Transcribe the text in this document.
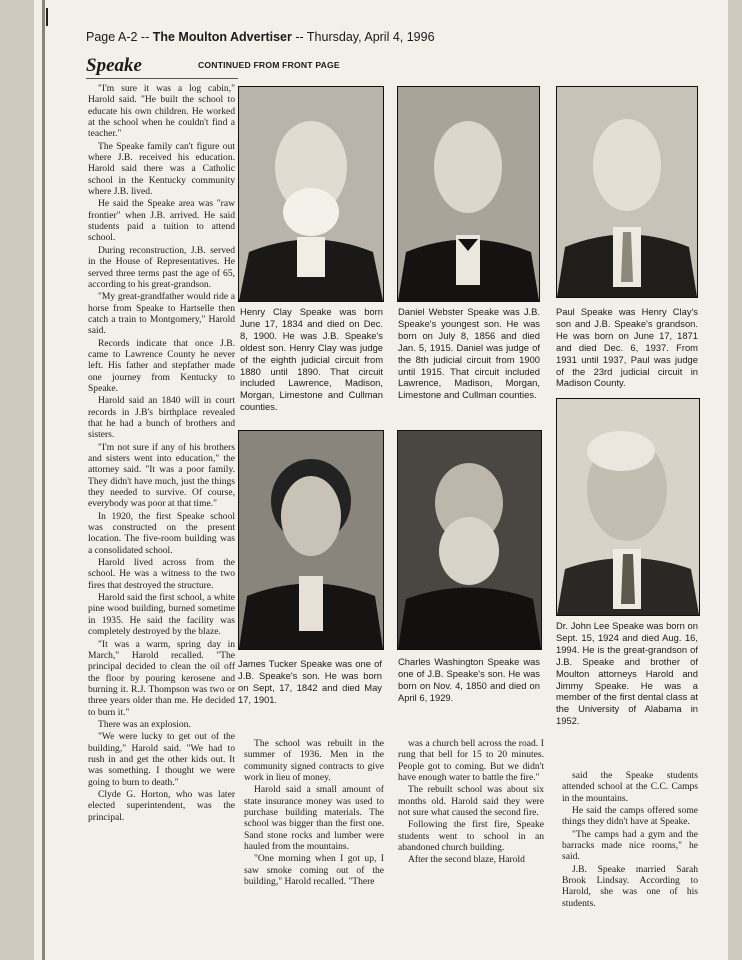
Page A-2 -- The Moulton Advertiser -- Thursday, April 4, 1996
Speake	CONTINUED FROM FRONT PAGE

"I'm sure it was a log cabin," Harold said. "He built the school to educate his own children. He worked at the school when he couldn't find a teacher."

The Speake family can't figure out where J.B. received his education. Harold said there was a Catholic school in the Kentucky community where J.B. lived.

He said the Speake area was "raw frontier" when J.B. arrived. He said students paid a tuition to attend school.

During reconstruction, J.B. served in the House of Representatives. He served three terms past the age of 65, according to his great-grandson.

"My great-grandfather would ride a horse from Speake to Hartselle then catch a train to Montgomery," Harold said.

Records indicate that once J.B. came to Lawrence County he never left. His father and stepfather made one journey from Kentucky to Speake.

Harold said an 1840 will in court records in J.B's birthplace revealed that he had a bunch of brothers and sisters.

"I'm not sure if any of his brothers and sisters went into education," the attorney said. "It was a poor family. They didn't have much, just the things they needed to survive. Of course, everybody was poor at that time."

In 1920, the first Speake school was constructed on the present location. The five-room building was a consolidated school.

Harold lived across from the school. He was a witness to the two fires that destroyed the structure.

Harold said the first school, a white pine wood building, burned sometime in 1935. He said the facility was completely destroyed by the blaze.

"It was a warm, spring day in March," Harold recalled. "The principal decided to clean the oil off the floor by pouring kerosene and burning it. R.J. Thompson was two or three years older than me. He decided to burn it."

There was an explosion.

"We were lucky to get out of the building," Harold said. "We had to rush in and get the other kids out. It was something. I thought we were going to burn to death."

Clyde G. Horton, who was later elected superintendent, was the principal.

Henry Clay Speake was born June 17, 1834 and died on Dec. 8, 1900. He was J.B. Speake's oldest son. Henry Clay was judge of the eighth judicial circuit from 1880 until 1890. That circuit included Lawrence, Madison, Morgan, Limestone and Cullman counties.
Daniel Webster Speake was J.B. Speake's youngest son. He was born on July 8, 1856 and died Jan. 5, 1915. Daniel was judge of the 8th judicial circuit from 1900 until 1915. That circuit included Lawrence, Madison, Morgan, Limestone and Cullman counties.
Paul Speake was Henry Clay's son and J.B. Speake's grandson. He was born on June 17, 1871 and died Dec. 6, 1937. From 1931 until 1937, Paul was judge of the 23rd judicial circuit in Madison County.
James Tucker Speake was one of J.B. Speake's son. He was born on Sept, 17, 1842 and died May 17, 1901.
Charles Washington Speake was one of J.B. Speake's son. He was born on Nov. 4, 1850 and died on April 6, 1929.
Dr. John Lee Speake was born on Sept. 15, 1924 and died Aug. 16, 1994. He is the great-grandson of J.B. Speake and brother of Moulton attorneys Harold and Jimmy Speake. He was a member of the first dental class at the University of Alabama in 1952.

The school was rebuilt in the summer of 1936. Men in the community signed contracts to give work in lieu of money.

Harold said a small amount of state insurance money was used to purchase building materials. The school was bigger than the first one. Sand stone rocks and lumber were hauled from the mountains.

"One morning when I got up, I saw smoke coming out of the building," Harold recalled. "There

was a church bell across the road. I rung that bell for 15 to 20 minutes. People got to coming. But we didn't have enough water to battle the fire."

The rebuilt school was about six months old. Harold said they were not sure what caused the second fire.

Following the first fire, Speake students went to school in an abandoned church building.

After the second blaze, Harold

said the Speake students attended school at the C.C. Camps in the mountains.

He said the camps offered some things they didn't have at Speake.

"The camps had a gym and the barracks made nice rooms," he said.

J.B. Speake married Sarah Brook Lindsay. According to Harold, she was one of his students.
